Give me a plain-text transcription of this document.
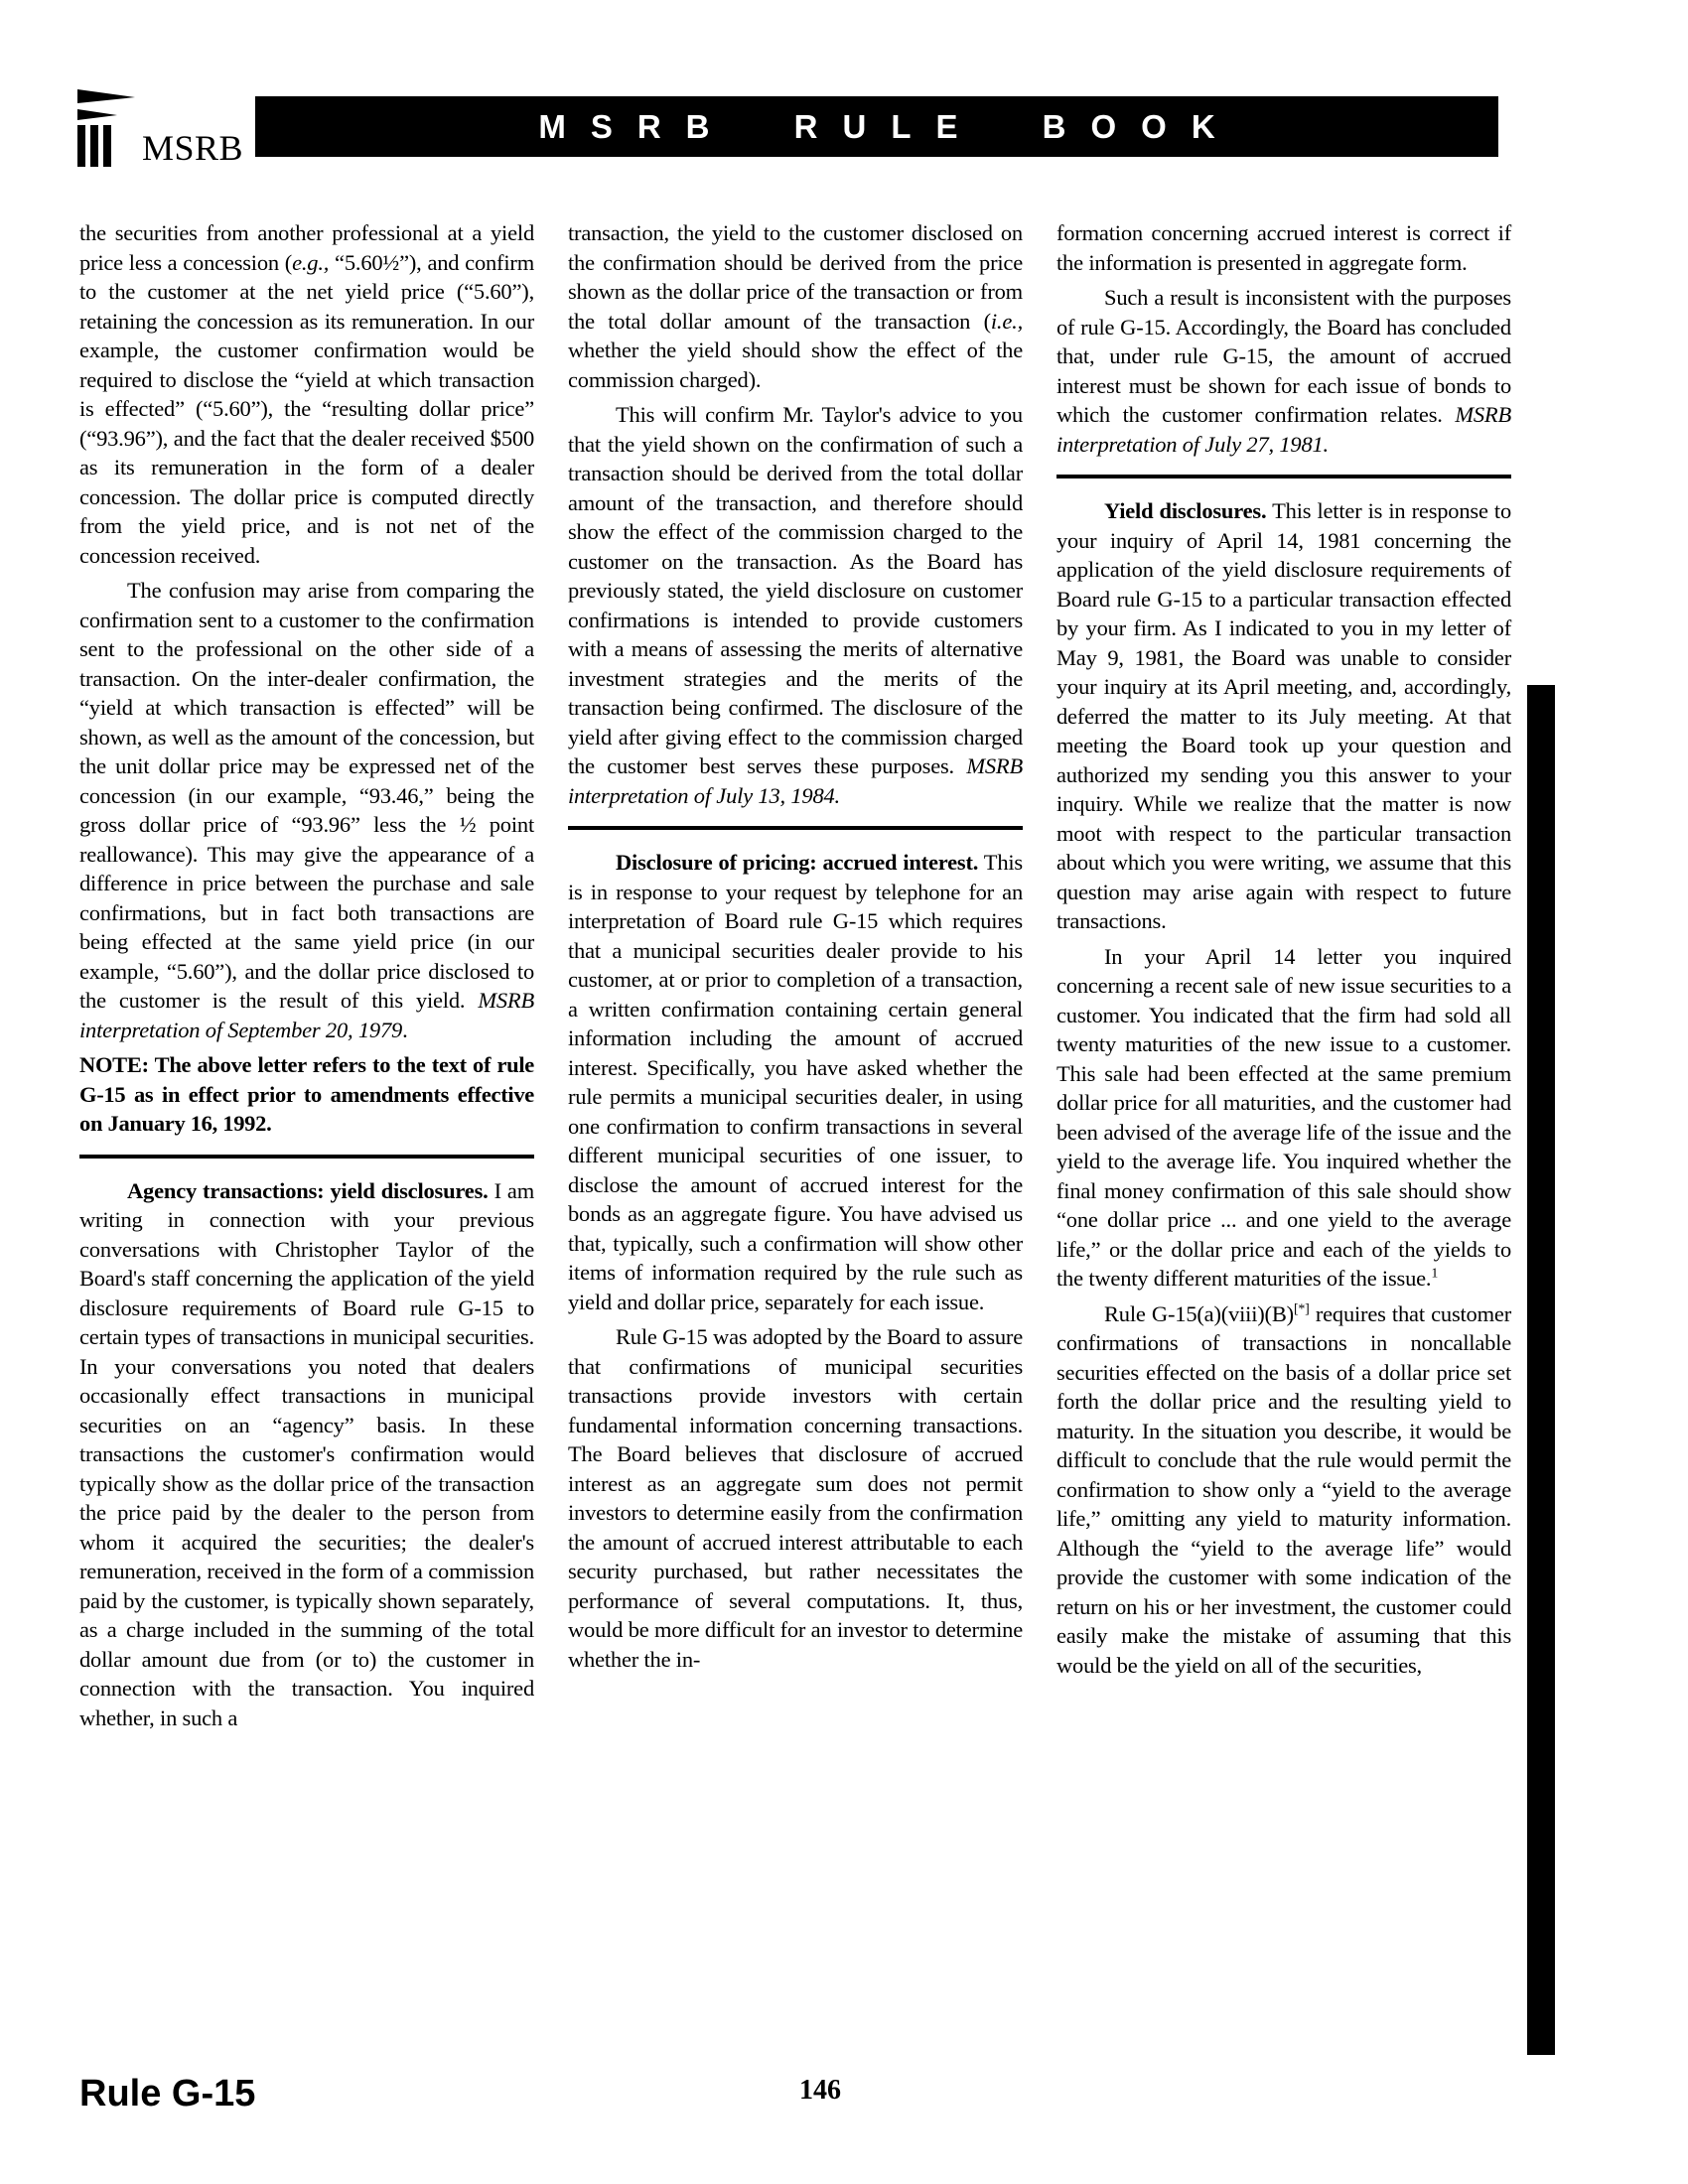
MSRB
MSRB RULE BOOK

the securities from another professional at a yield price less a concession (e.g., “5.60½”), and confirm to the customer at the net yield price (“5.60”), retaining the concession as its remuneration. In our example, the customer confirmation would be required to disclose the “yield at which transaction is effected” (“5.60”), the “resulting dollar price” (“93.96”), and the fact that the dealer received $500 as its remuneration in the form of a dealer concession. The dollar price is computed directly from the yield price, and is not net of the concession received.

The confusion may arise from comparing the confirmation sent to a customer to the confirmation sent to the professional on the other side of a transaction. On the inter-dealer confirmation, the “yield at which transaction is effected” will be shown, as well as the amount of the concession, but the unit dollar price may be expressed net of the concession (in our example, “93.46,” being the gross dollar price of “93.96” less the ½ point reallowance). This may give the appearance of a difference in price between the purchase and sale confirmations, but in fact both transactions are being effected at the same yield price (in our example, “5.60”), and the dollar price disclosed to the customer is the result of this yield. MSRB interpretation of September 20, 1979.

NOTE: The above letter refers to the text of rule G-15 as in effect prior to amendments effective on January 16, 1992.

Agency transactions: yield disclosures. I am writing in connection with your previous conversations with Christopher Taylor of the Board's staff concerning the application of the yield disclosure requirements of Board rule G-15 to certain types of transactions in municipal securities. In your conversations you noted that dealers occasionally effect transactions in municipal securities on an “agency” basis. In these transactions the customer's confirmation would typically show as the dollar price of the transaction the price paid by the dealer to the person from whom it acquired the securities; the dealer's remuneration, received in the form of a commission paid by the customer, is typically shown separately, as a charge included in the summing of the total dollar amount due from (or to) the customer in connection with the transaction. You inquired whether, in such a

transaction, the yield to the customer disclosed on the confirmation should be derived from the price shown as the dollar price of the transaction or from the total dollar amount of the transaction (i.e., whether the yield should show the effect of the commission charged).

This will confirm Mr. Taylor's advice to you that the yield shown on the confirmation of such a transaction should be derived from the total dollar amount of the transaction, and therefore should show the effect of the commission charged to the customer on the transaction. As the Board has previously stated, the yield disclosure on customer confirmations is intended to provide customers with a means of assessing the merits of alternative investment strategies and the merits of the transaction being confirmed. The disclosure of the yield after giving effect to the commission charged the customer best serves these purposes. MSRB interpretation of July 13, 1984.

Disclosure of pricing: accrued interest. This is in response to your request by telephone for an interpretation of Board rule G-15 which requires that a municipal securities dealer provide to his customer, at or prior to completion of a transaction, a written confirmation containing certain general information including the amount of accrued interest. Specifically, you have asked whether the rule permits a municipal securities dealer, in using one confirmation to confirm transactions in several different municipal securities of one issuer, to disclose the amount of accrued interest for the bonds as an aggregate figure. You have advised us that, typically, such a confirmation will show other items of information required by the rule such as yield and dollar price, separately for each issue.

Rule G-15 was adopted by the Board to assure that confirmations of municipal securities transactions provide investors with certain fundamental information concerning transactions. The Board believes that disclosure of accrued interest as an aggregate sum does not permit investors to determine easily from the confirmation the amount of accrued interest attributable to each security purchased, but rather necessitates the performance of several computations. It, thus, would be more difficult for an investor to determine whether the in-

formation concerning accrued interest is correct if the information is presented in aggregate form.

Such a result is inconsistent with the purposes of rule G-15. Accordingly, the Board has concluded that, under rule G-15, the amount of accrued interest must be shown for each issue of bonds to which the customer confirmation relates. MSRB interpretation of July 27, 1981.

Yield disclosures. This letter is in response to your inquiry of April 14, 1981 concerning the application of the yield disclosure requirements of Board rule G-15 to a particular transaction effected by your firm. As I indicated to you in my letter of May 9, 1981, the Board was unable to consider your inquiry at its April meeting, and, accordingly, deferred the matter to its July meeting. At that meeting the Board took up your question and authorized my sending you this answer to your inquiry. While we realize that the matter is now moot with respect to the particular transaction about which you were writing, we assume that this question may arise again with respect to future transactions.

In your April 14 letter you inquired concerning a recent sale of new issue securities to a customer. You indicated that the firm had sold all twenty maturities of the new issue to a customer. This sale had been effected at the same premium dollar price for all maturities, and the customer had been advised of the average life of the issue and the yield to the average life. You inquired whether the final money confirmation of this sale should show “one dollar price ... and one yield to the average life,” or the dollar price and each of the yields to the twenty different maturities of the issue.$^1$

Rule G-15(a)(viii)(B)[*] requires that customer confirmations of transactions in noncallable securities effected on the basis of a dollar price set forth the dollar price and the resulting yield to maturity. In the situation you describe, it would be difficult to conclude that the rule would permit the confirmation to show only a “yield to the average life,” omitting any yield to maturity information. Although the “yield to the average life” would provide the customer with some indication of the return on his or her investment, the customer could easily make the mistake of assuming that this would be the yield on all of the securities,

Rule G-15	146
